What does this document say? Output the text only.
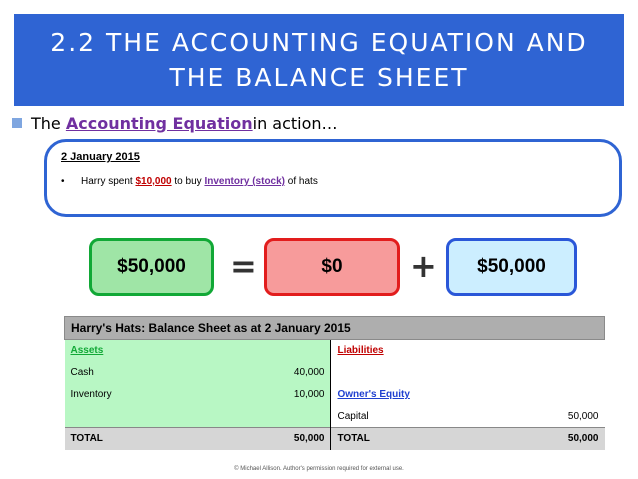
2.2 THE ACCOUNTING EQUATION AND THE BALANCE SHEET
The
Accounting Equation in action…
2 January 2015
• Harry spent $10,000 to buy Inventory (stock) of hats
$50,000	=	$0	+	$50,000
Harry's Hats: Balance Sheet as at 2 January 2015			
Assets		Liabilities	
Cash	40,000		
Inventory	10,000	Owner's Equity	
		Capital	50,000
TOTAL	50,000	TOTAL	50,000
© Michael Allison. Author's permission required for external use.
